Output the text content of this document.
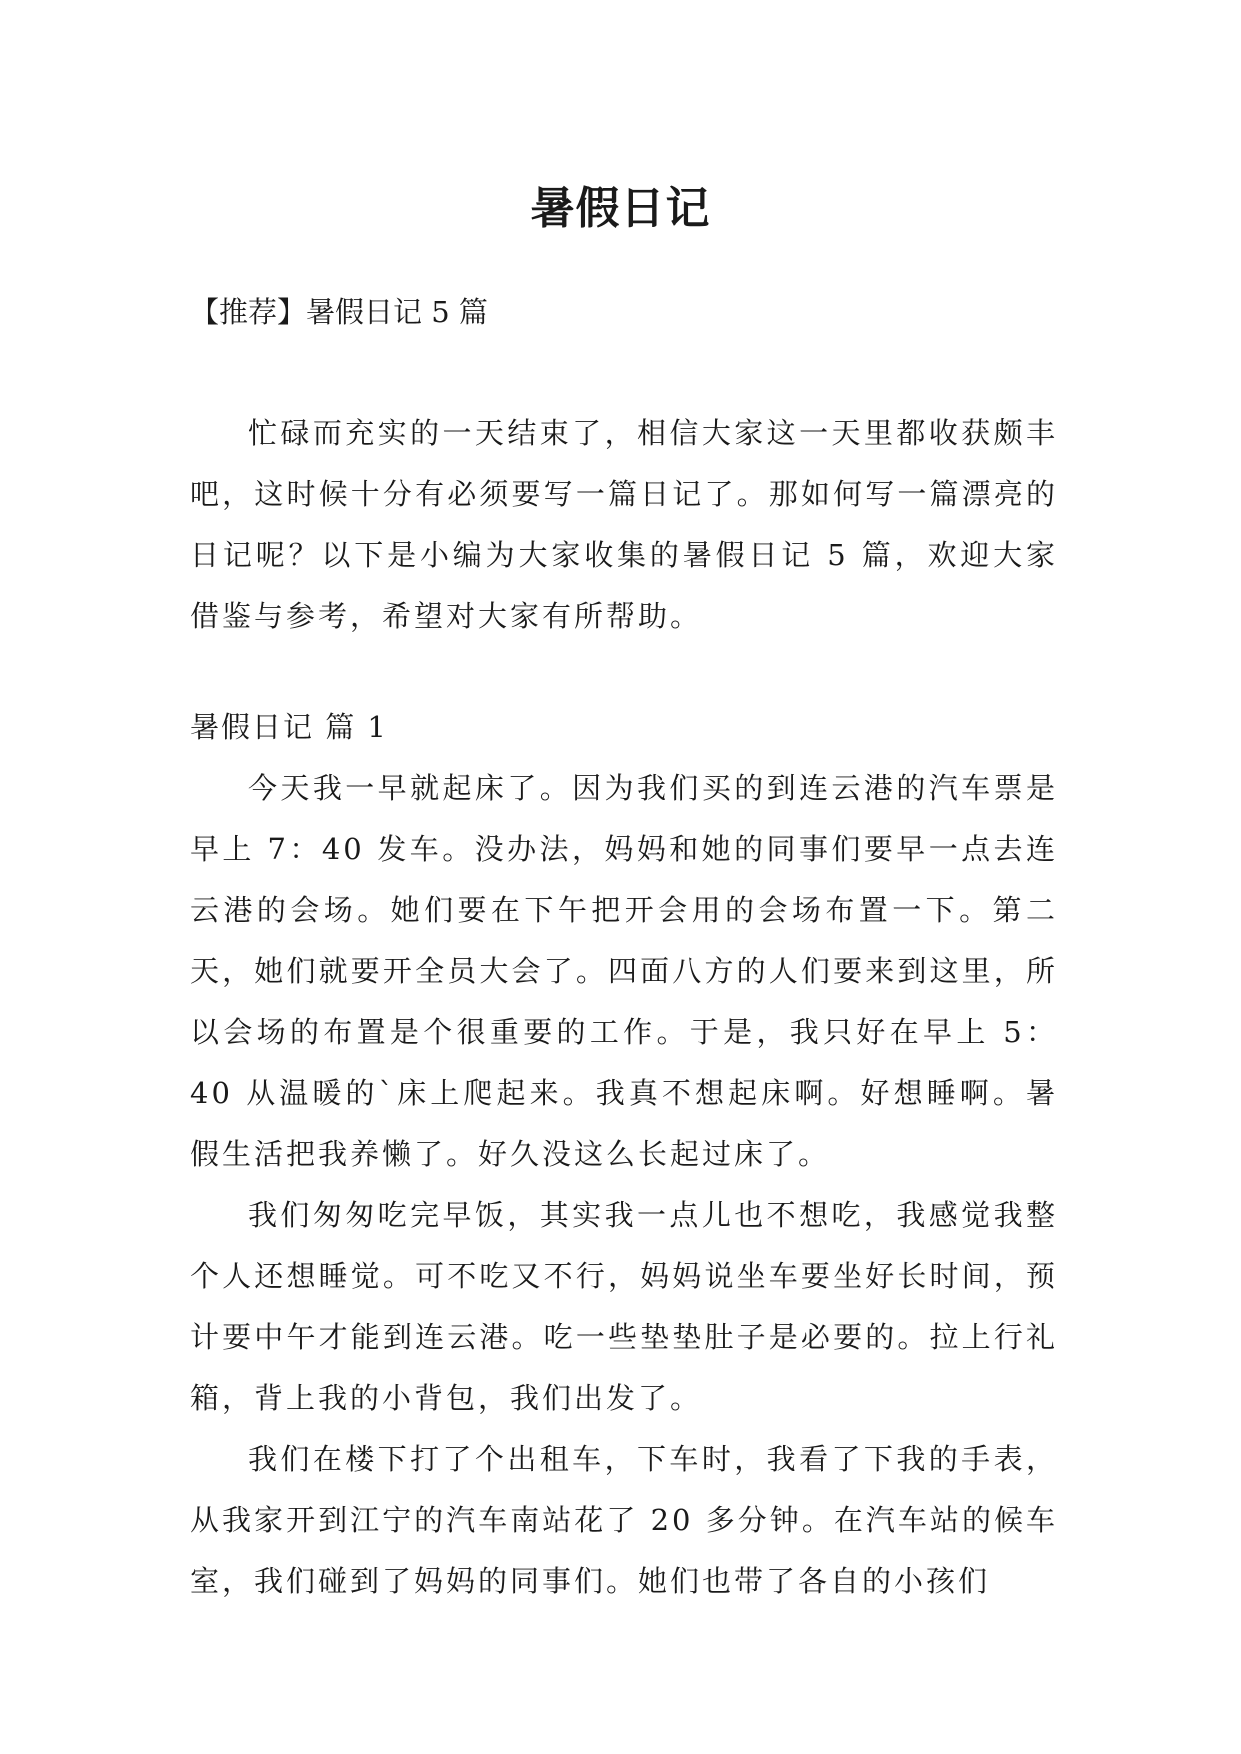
暑假日记
【推荐】暑假日记 5 篇

忙碌而充实的一天结束了，相信大家这一天里都收获颇丰吧，这时候十分有必须要写一篇日记了。那如何写一篇漂亮的日记呢？以下是小编为大家收集的暑假日记 5 篇，欢迎大家借鉴与参考，希望对大家有所帮助。

暑假日记 篇 1

今天我一早就起床了。因为我们买的到连云港的汽车票是早上 7：40 发车。没办法，妈妈和她的同事们要早一点去连云港的会场。她们要在下午把开会用的会场布置一下。第二天，她们就要开全员大会了。四面八方的人们要来到这里，所以会场的布置是个很重要的工作。于是，我只好在早上 5：40 从温暖的`床上爬起来。我真不想起床啊。好想睡啊。暑假生活把我养懒了。好久没这么长起过床了。

我们匆匆吃完早饭，其实我一点儿也不想吃，我感觉我整个人还想睡觉。可不吃又不行，妈妈说坐车要坐好长时间，预计要中午才能到连云港。吃一些垫垫肚子是必要的。拉上行礼箱，背上我的小背包，我们出发了。

我们在楼下打了个出租车，下车时，我看了下我的手表，从我家开到江宁的汽车南站花了 20 多分钟。在汽车站的候车室，我们碰到了妈妈的同事们。她们也带了各自的小孩们
